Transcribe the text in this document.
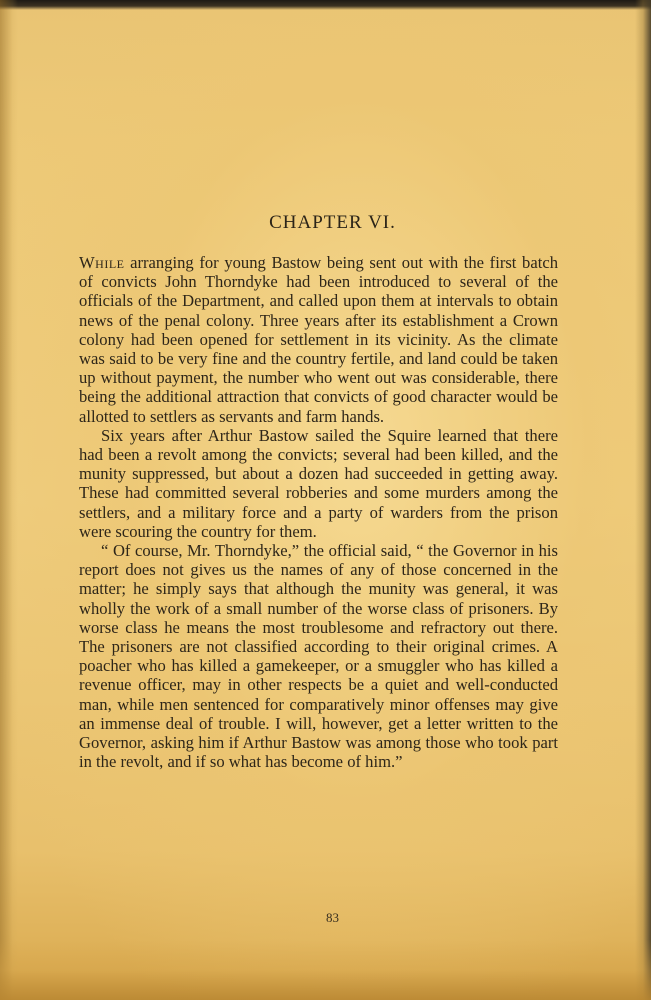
CHAPTER VI.

While arranging for young Bastow being sent out with the first batch of convicts John Thorndyke had been introduced to several of the officials of the Department, and called upon them at intervals to obtain news of the penal colony. Three years after its establishment a Crown colony had been opened for settlement in its vicinity. As the climate was said to be very fine and the country fertile, and land could be taken up without payment, the number who went out was considerable, there being the additional attraction that convicts of good character would be allotted to settlers as servants and farm hands.

Six years after Arthur Bastow sailed the Squire learned that there had been a revolt among the convicts; several had been killed, and the munity suppressed, but about a dozen had succeeded in getting away. These had committed several robberies and some murders among the settlers, and a military force and a party of warders from the prison were scouring the country for them.

“ Of course, Mr. Thorndyke,” the official said, “ the Governor in his report does not gives us the names of any of those concerned in the matter; he simply says that although the munity was general, it was wholly the work of a small number of the worse class of prisoners. By worse class he means the most troublesome and refractory out there. The prisoners are not classified according to their original crimes. A poacher who has killed a gamekeeper, or a smuggler who has killed a revenue officer, may in other respects be a quiet and well-conducted man, while men sentenced for comparatively minor offenses may give an immense deal of trouble. I will, however, get a letter written to the Governor, asking him if Arthur Bastow was among those who took part in the revolt, and if so what has become of him.”

83
